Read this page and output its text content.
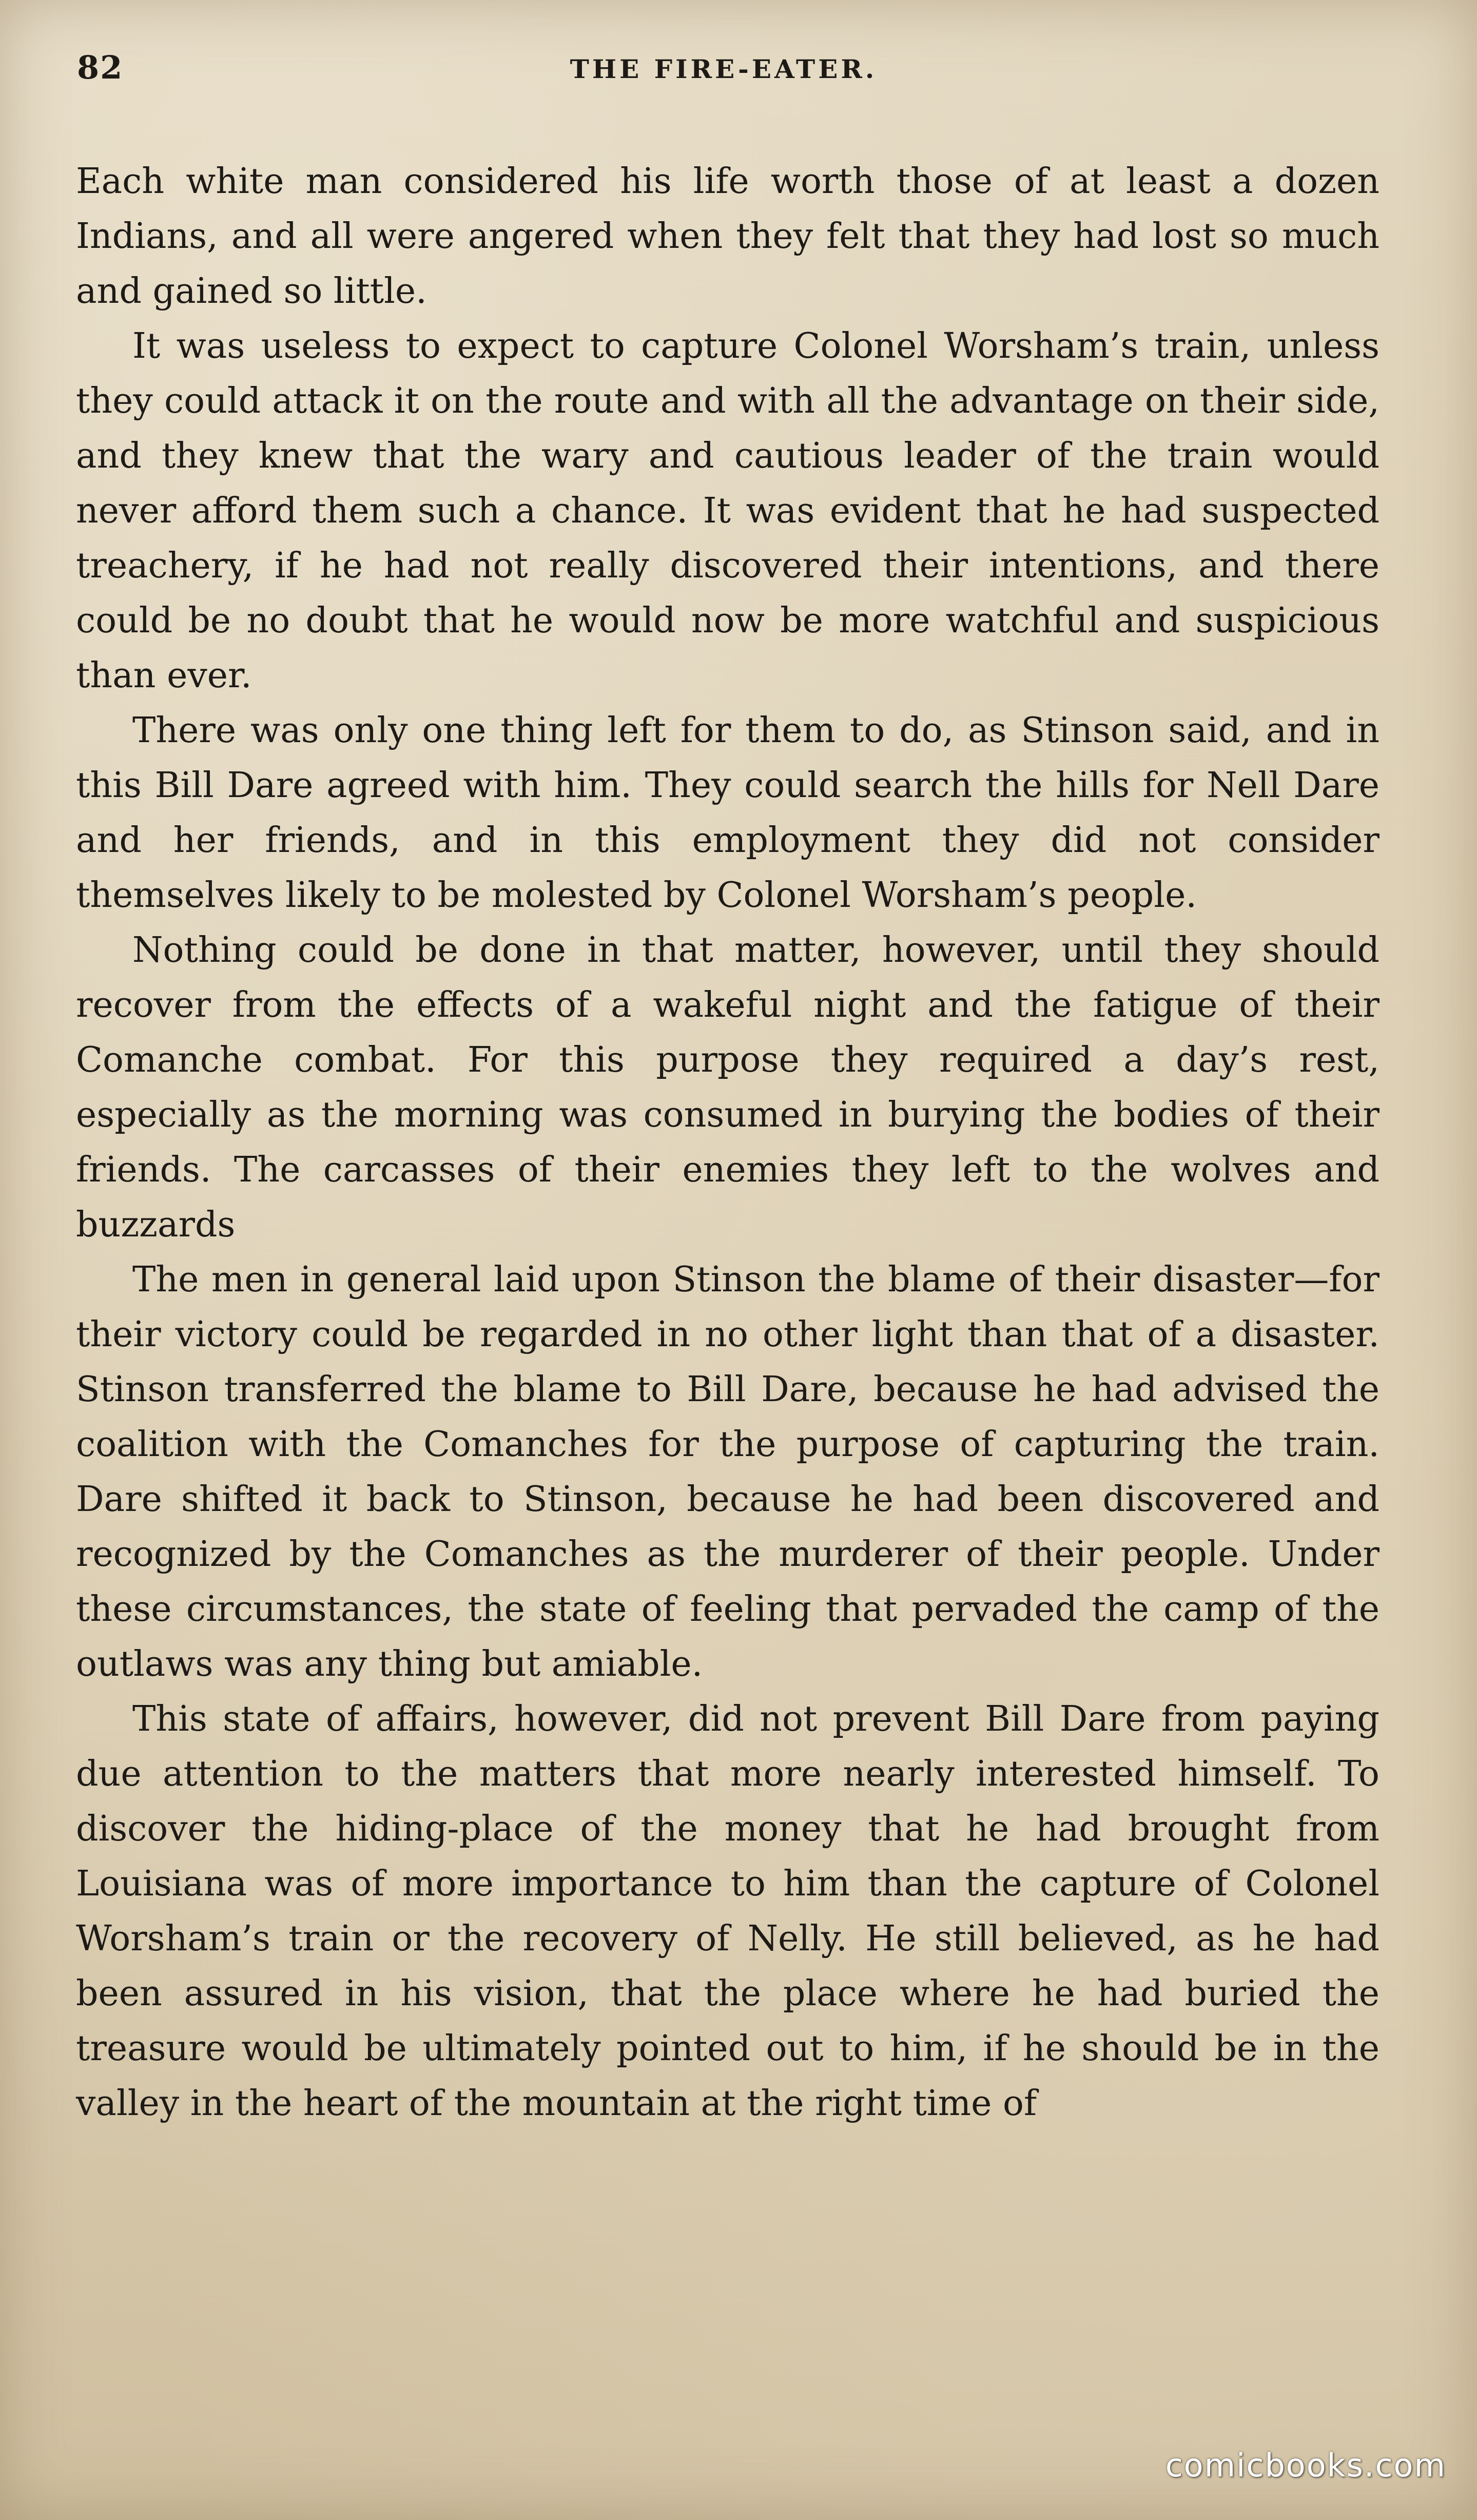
82	THE FIRE-EATER.

Each white man considered his life worth those of at least a dozen Indians, and all were angered when they felt that they had lost so much and gained so little.

It was useless to expect to capture Colonel Worsham’s train, unless they could attack it on the route and with all the advantage on their side, and they knew that the wary and cautious leader of the train would never afford them such a chance. It was evident that he had suspected treachery, if he had not really discovered their intentions, and there could be no doubt that he would now be more watchful and suspicious than ever.

There was only one thing left for them to do, as Stinson said, and in this Bill Dare agreed with him. They could search the hills for Nell Dare and her friends, and in this employment they did not consider themselves likely to be molested by Colonel Worsham’s people.

Nothing could be done in that matter, however, until they should recover from the effects of a wakeful night and the fatigue of their Comanche combat. For this purpose they required a day’s rest, especially as the morning was consumed in burying the bodies of their friends. The carcasses of their enemies they left to the wolves and buzzards

The men in general laid upon Stinson the blame of their disaster—for their victory could be regarded in no other light than that of a disaster. Stinson transferred the blame to Bill Dare, because he had advised the coalition with the Comanches for the purpose of capturing the train. Dare shifted it back to Stinson, because he had been discovered and recognized by the Comanches as the murderer of their people. Under these circumstances, the state of feeling that pervaded the camp of the outlaws was any thing but amiable.

This state of affairs, however, did not prevent Bill Dare from paying due attention to the matters that more nearly interested himself. To discover the hiding-place of the money that he had brought from Louisiana was of more importance to him than the capture of Colonel Worsham’s train or the recovery of Nelly. He still believed, as he had been assured in his vision, that the place where he had buried the treasure would be ultimately pointed out to him, if he should be in the valley in the heart of the mountain at the right time of

comicbooks.com
